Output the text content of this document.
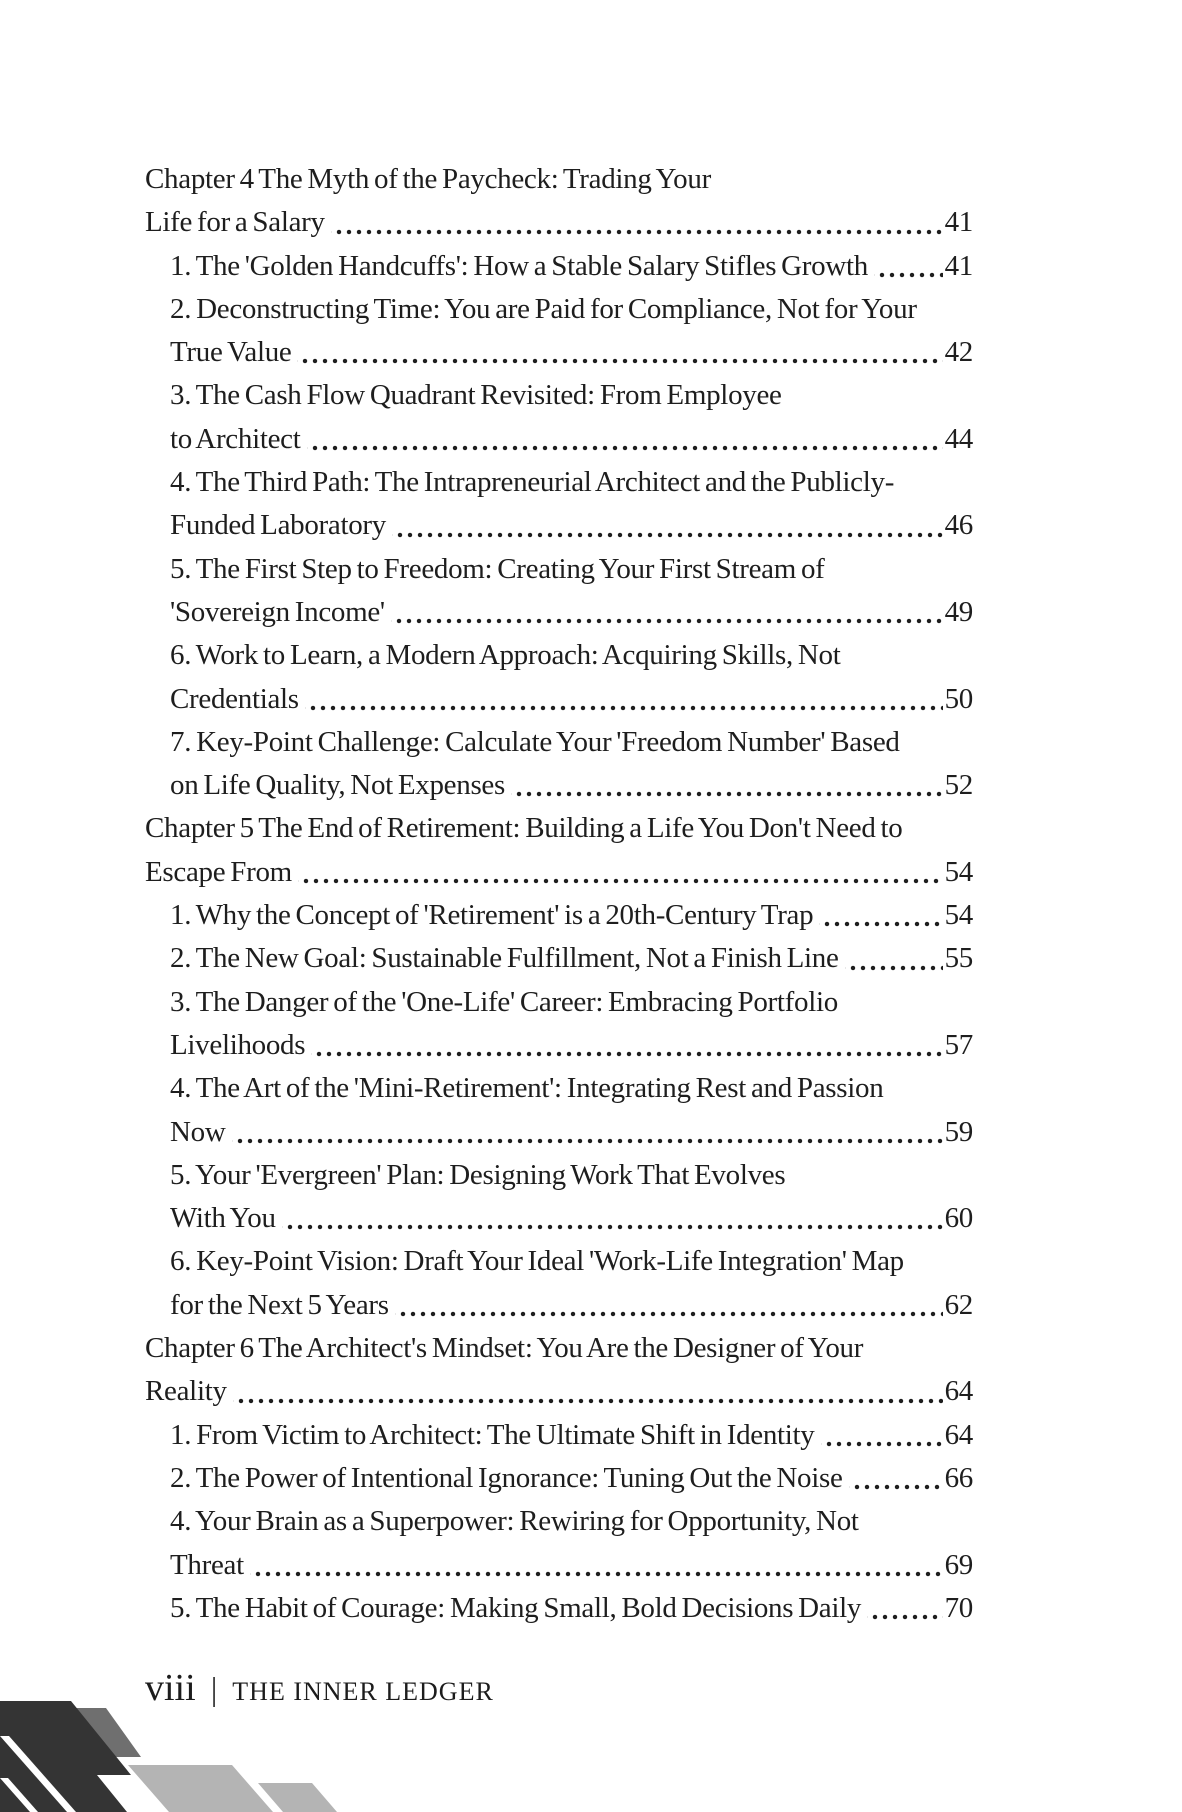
Chapter 4 The Myth of the Paycheck: Trading Your
Life for a Salary	41
1. The 'Golden Handcuffs': How a Stable Salary Stifles Growth	41
2. Deconstructing Time: You are Paid for Compliance, Not for Your
True Value	42
3. The Cash Flow Quadrant Revisited: From Employee
to Architect	44
4. The Third Path: The Intrapreneurial Architect and the Publicly-
Funded Laboratory	46
5. The First Step to Freedom: Creating Your First Stream of
'Sovereign Income'	49
6. Work to Learn, a Modern Approach: Acquiring Skills, Not
Credentials	50
7. Key-Point Challenge: Calculate Your 'Freedom Number' Based
on Life Quality, Not Expenses	52
Chapter 5 The End of Retirement: Building a Life You Don't Need to
Escape From	54
1. Why the Concept of 'Retirement' is a 20th-Century Trap	54
2. The New Goal: Sustainable Fulfillment, Not a Finish Line	55
3. The Danger of the 'One-Life' Career: Embracing Portfolio
Livelihoods	57
4. The Art of the 'Mini-Retirement': Integrating Rest and Passion
Now	59
5. Your 'Evergreen' Plan: Designing Work That Evolves
With You	60
6. Key-Point Vision: Draft Your Ideal 'Work-Life Integration' Map
for the Next 5 Years	62
Chapter 6 The Architect's Mindset: You Are the Designer of Your
Reality	64
1. From Victim to Architect: The Ultimate Shift in Identity	64
2. The Power of Intentional Ignorance: Tuning Out the Noise	66
4. Your Brain as a Superpower: Rewiring for Opportunity, Not
Threat	69
5. The Habit of Courage: Making Small, Bold Decisions Daily	70
viii | THE INNER LEDGER
